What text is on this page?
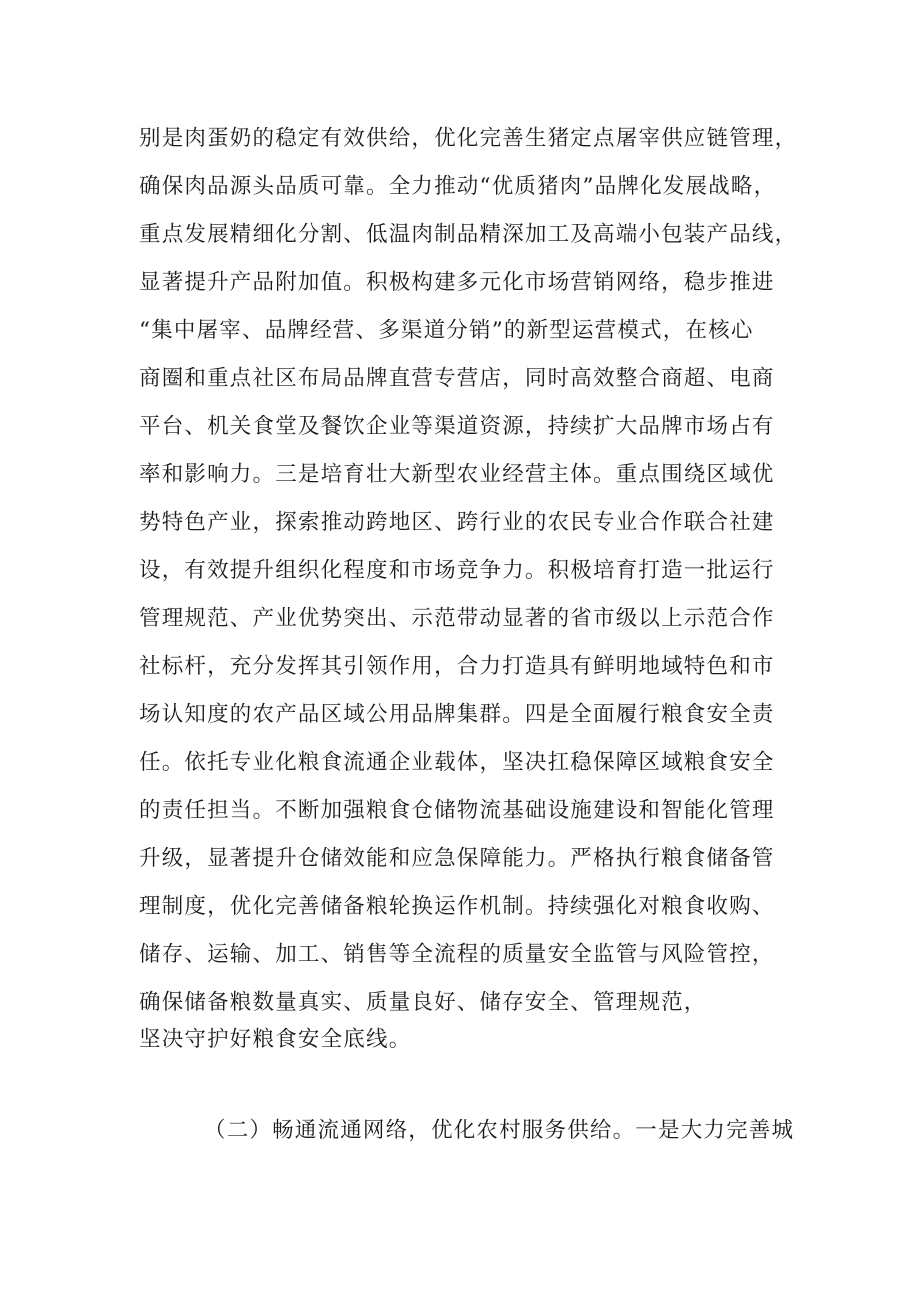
别是肉蛋奶的稳定有效供给，优化完善生猪定点屠宰供应链管理，
确保肉品源头品质可靠。全力推动“优质猪肉”品牌化发展战略，
重点发展精细化分割、低温肉制品精深加工及高端小包装产品线，
显著提升产品附加值。积极构建多元化市场营销网络，稳步推进
“集中屠宰、品牌经营、多渠道分销”的新型运营模式，在核心
商圈和重点社区布局品牌直营专营店，同时高效整合商超、电商
平台、机关食堂及餐饮企业等渠道资源，持续扩大品牌市场占有
率和影响力。三是培育壮大新型农业经营主体。重点围绕区域优
势特色产业，探索推动跨地区、跨行业的农民专业合作联合社建
设，有效提升组织化程度和市场竞争力。积极培育打造一批运行
管理规范、产业优势突出、示范带动显著的省市级以上示范合作
社标杆，充分发挥其引领作用，合力打造具有鲜明地域特色和市
场认知度的农产品区域公用品牌集群。四是全面履行粮食安全责
任。依托专业化粮食流通企业载体，坚决扛稳保障区域粮食安全
的责任担当。不断加强粮食仓储物流基础设施建设和智能化管理
升级，显著提升仓储效能和应急保障能力。严格执行粮食储备管
理制度，优化完善储备粮轮换运作机制。持续强化对粮食收购、
储存、运输、加工、销售等全流程的质量安全监管与风险管控，
确保储备粮数量真实、质量良好、储存安全、管理规范，
坚决守护好粮食安全底线。
（二）畅通流通网络，优化农村服务供给。一是大力完善城
